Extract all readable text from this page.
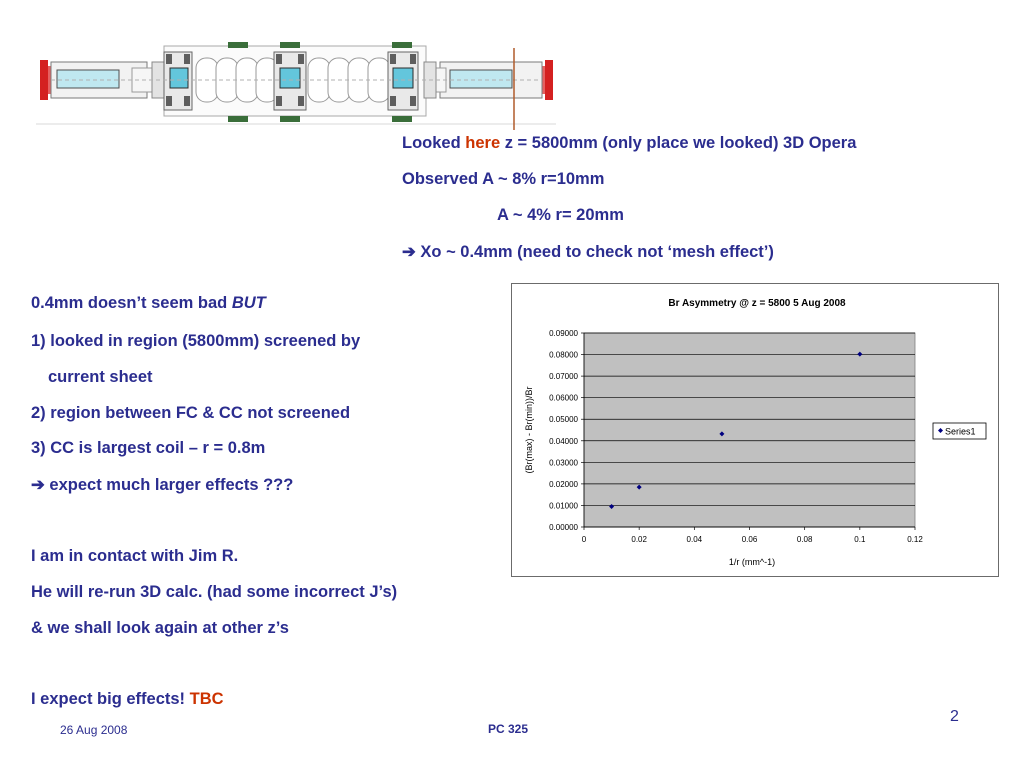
Looked here z = 5800mm (only place we looked) 3D Opera
Observed A ~ 8% r=10mm
A ~ 4% r= 20mm
➔ Xo ~ 0.4mm (need to check not ‘mesh effect’)
0.4mm doesn’t seem bad BUT
1) looked in region (5800mm) screened by
current sheet
2) region between FC & CC not screened
3) CC is largest coil – r = 0.8m
➔ expect much larger effects ???
I am in contact with Jim R.
He will re-run 3D calc. (had some incorrect J’s)
& we shall look again at other z’s
I expect big effects! TBC
Br Asymmetry @ z = 5800 5 Aug 2008
0.00000
0.01000
0.02000
0.03000
0.04000
0.05000
0.06000
0.07000
0.08000
0.09000
0	0.02	0.04	0.06	0.08	0.1	0.12
1/r (mm^-1)
(Br(max) - Br(min))/Br	Series1
26 Aug 2008	PC 325
2
